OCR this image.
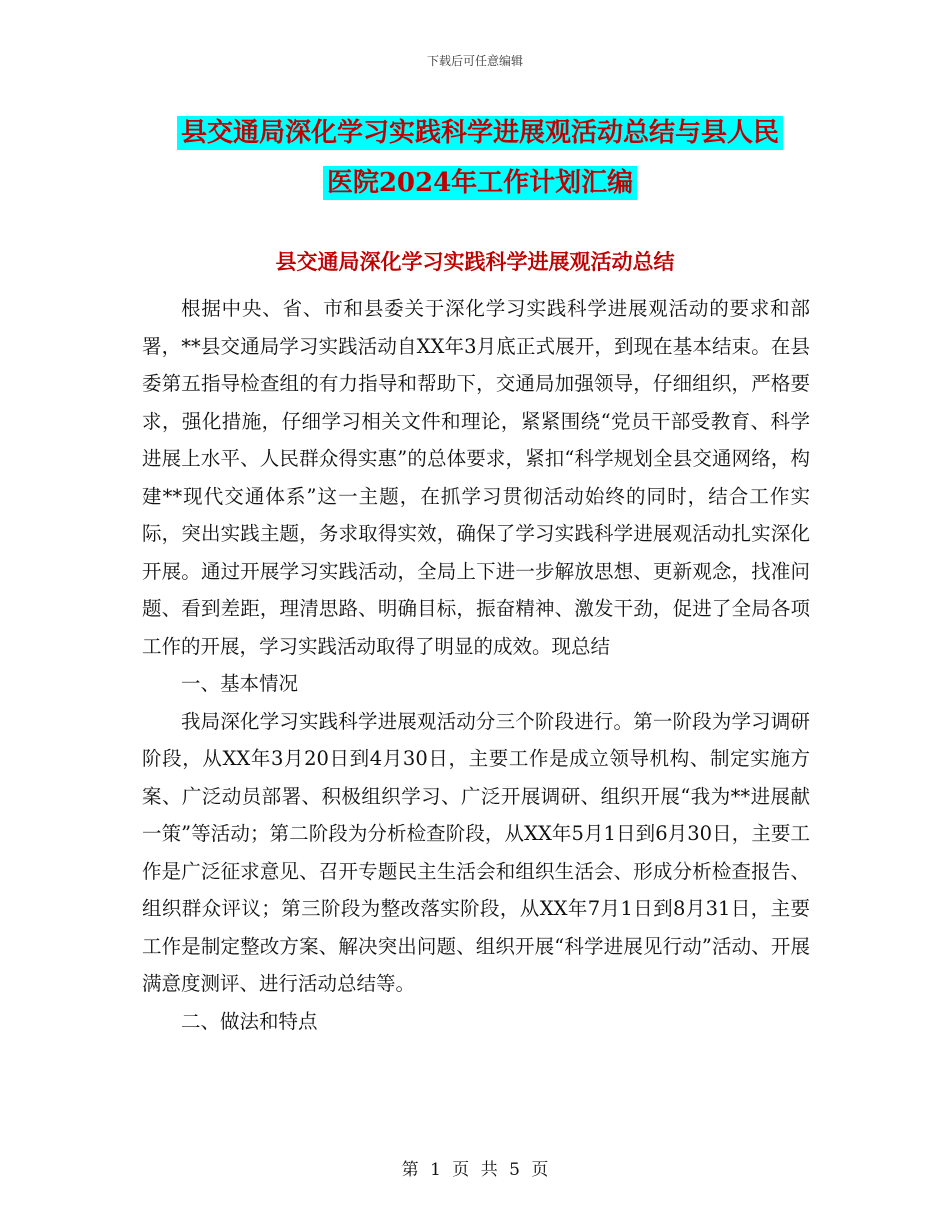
下载后可任意编辑
县交通局深化学习实践科学进展观活动总结与县人民
医院2024年工作计划汇编
县交通局深化学习实践科学进展观活动总结

根据中央、省、市和县委关于深化学习实践科学进展观活动的要求和部署，**县交通局学习实践活动自XX年3月底正式展开，到现在基本结束。在县委第五指导检查组的有力指导和帮助下，交通局加强领导，仔细组织，严格要求，强化措施，仔细学习相关文件和理论，紧紧围绕“党员干部受教育、科学进展上水平、人民群众得实惠”的总体要求，紧扣“科学规划全县交通网络，构建**现代交通体系”这一主题，在抓学习贯彻活动始终的同时，结合工作实际，突出实践主题，务求取得实效，确保了学习实践科学进展观活动扎实深化开展。通过开展学习实践活动，全局上下进一步解放思想、更新观念，找准问题、看到差距，理清思路、明确目标，振奋精神、激发干劲，促进了全局各项工作的开展，学习实践活动取得了明显的成效。现总结

一、基本情况

我局深化学习实践科学进展观活动分三个阶段进行。第一阶段为学习调研阶段，从XX年3月20日到4月30日，主要工作是成立领导机构、制定实施方案、广泛动员部署、积极组织学习、广泛开展调研、组织开展“我为**进展献一策”等活动；第二阶段为分析检查阶段，从XX年5月1日到6月30日，主要工作是广泛征求意见、召开专题民主生活会和组织生活会、形成分析检查报告、组织群众评议；第三阶段为整改落实阶段，从XX年7月1日到8月31日，主要工作是制定整改方案、解决突出问题、组织开展“科学进展见行动”活动、开展满意度测评、进行活动总结等。

二、做法和特点

第 1 页 共 5 页
